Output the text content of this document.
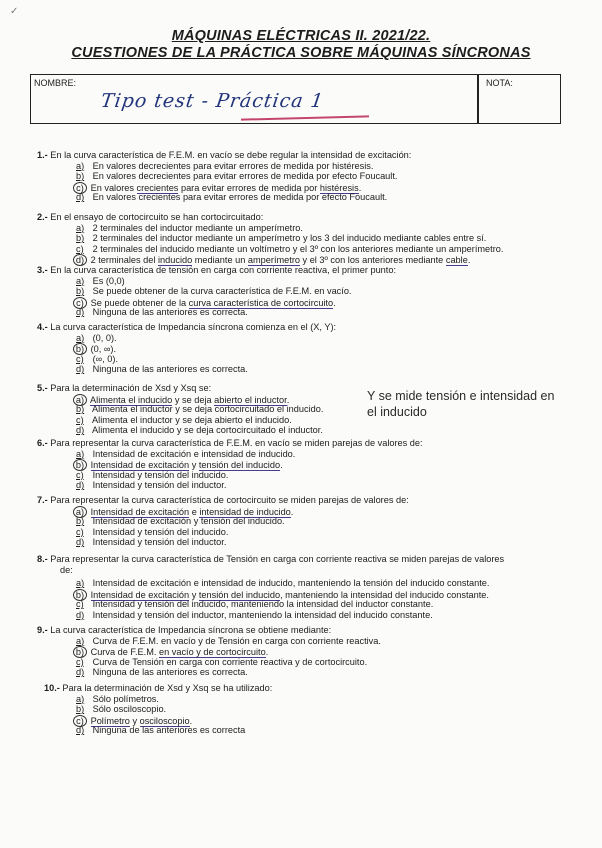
✓
MÁQUINAS ELÉCTRICAS II. 2021/22.
CUESTIONES DE LA PRÁCTICA SOBRE MÁQUINAS SÍNCRONAS
NOMBRE:	NOTA:
Tipo test - Práctica 1
Y se mide tensión e intensidad en el inducido
1.- En la curva característica de F.E.M. en vacío se debe regular la intensidad de excitación:
a) En valores decrecientes para evitar errores de medida por histéresis.
b) En valores decrecientes para evitar errores de medida por efecto Foucault.
c) En valores crecientes para evitar errores de medida por histéresis.
d) En valores crecientes para evitar errores de medida por efecto Foucault.
2.- En el ensayo de cortocircuito se han cortocircuitado:
a) 2 terminales del inductor mediante un amperímetro.
b) 2 terminales del inductor mediante un amperímetro y los 3 del inducido mediante cables entre sí.
c) 2 terminales del inducido mediante un voltímetro y el 3º con los anteriores mediante un amperímetro.
d) 2 terminales del inducido mediante un amperímetro y el 3º con los anteriores mediante cable.
3.- En la curva característica de tensión en carga con corriente reactiva, el primer punto:
a) Es (0,0)
b) Se puede obtener de la curva característica de F.E.M. en vacío.
c) Se puede obtener de la curva característica de cortocircuito.
d) Ninguna de las anteriores es correcta.
4.- La curva característica de Impedancia síncrona comienza en el (X, Y):
a) (0, 0).
b) (0, ∞).
c) (∞, 0).
d) Ninguna de las anteriores es correcta.
5.- Para la determinación de Xsd y Xsq se:
a) Alimenta el inducido y se deja abierto el inductor.
b) Alimenta el inductor y se deja cortocircuitado el inducido.
c) Alimenta el inductor y se deja abierto el inducido.
d) Alimenta el inducido y se deja cortocircuitado el inductor.
6.- Para representar la curva característica de F.E.M. en vacío se miden parejas de valores de:
a) Intensidad de excitación e intensidad de inducido.
b) Intensidad de excitación y tensión del inducido.
c) Intensidad y tensión del inducido.
d) Intensidad y tensión del inductor.
7.- Para representar la curva característica de cortocircuito se miden parejas de valores de:
a) Intensidad de excitación e intensidad de inducido.
b) Intensidad de excitación y tensión del inducido.
c) Intensidad y tensión del inducido.
d) Intensidad y tensión del inductor.
8.- Para representar la curva característica de Tensión en carga con corriente reactiva se miden parejas de valores
de:
a) Intensidad de excitación e intensidad de inducido, manteniendo la tensión del inducido constante.
b) Intensidad de excitación y tensión del inducido, manteniendo la intensidad del inducido constante.
c) Intensidad y tensión del inducido, manteniendo la intensidad del inductor constante.
d) Intensidad y tensión del inductor, manteniendo la intensidad del inducido constante.
9.- La curva característica de Impedancia síncrona se obtiene mediante:
a) Curva de F.E.M. en vacío y de Tensión en carga con corriente reactiva.
b) Curva de F.E.M. en vacío y de cortocircuito.
c) Curva de Tensión en carga con corriente reactiva y de cortocircuito.
d) Ninguna de las anteriores es correcta.
10.- Para la determinación de Xsd y Xsq se ha utilizado:
a) Sólo polímetros.
b) Sólo osciloscopio.
c) Polímetro y osciloscopio.
d) Ninguna de las anteriores es correcta
